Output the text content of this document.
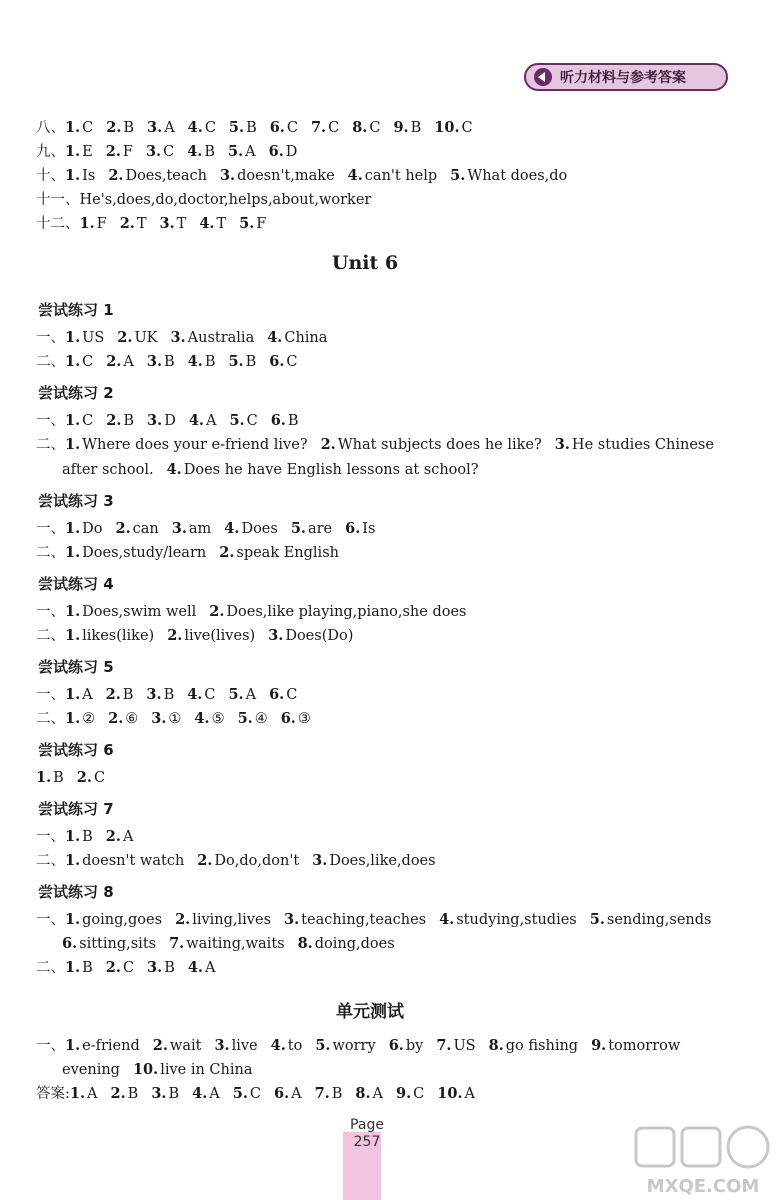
听力材料与参考答案
八、1. C 2. B 3. A 4. C 5. B 6. C 7. C 8. C 9. B 10. C
九、1. E 2. F 3. C 4. B 5. A 6. D
十、1. Is 2. Does,teach 3. doesn't,make 4. can't help 5. What does,do
十一、He's,does,do,doctor,helps,about,worker
十二、1. F 2. T 3. T 4. T 5. F
尝试练习 1
一、1. US 2. UK 3. Australia 4. China
二、1. C 2. A 3. B 4. B 5. B 6. C
尝试练习 2
一、1. C 2. B 3. D 4. A 5. C 6. B
二、1. Where does your e-friend live? 2. What subjects does he like? 3. He studies Chinese
after school. 4. Does he have English lessons at school?
尝试练习 3
一、1. Do 2. can 3. am 4. Does 5. are 6. Is
二、1. Does,study/learn 2. speak English
尝试练习 4
一、1. Does,swim well 2. Does,like playing,piano,she does
二、1. likes(like) 2. live(lives) 3. Does(Do)
尝试练习 5
一、1. A 2. B 3. B 4. C 5. A 6. C
二、1. ② 2. ⑥ 3. ① 4. ⑤ 5. ④ 6. ③
尝试练习 6
1. B 2. C
尝试练习 7
一、1. B 2. A
二、1. doesn't watch 2. Do,do,don't 3. Does,like,does
尝试练习 8
一、1. going,goes 2. living,lives 3. teaching,teaches 4. studying,studies 5. sending,sends
6. sitting,sits 7. waiting,waits 8. doing,does
二、1. B 2. C 3. B 4. A
一、1. e-friend 2. wait 3. live 4. to 5. worry 6. by 7. US 8. go fishing 9. tomorrow
evening 10. live in China
答案:1. A 2. B 3. B 4. A 5. C 6. A 7. B 8. A 9. C 10. A
Unit 6
单元测试
Page
257
MXQE.COM
